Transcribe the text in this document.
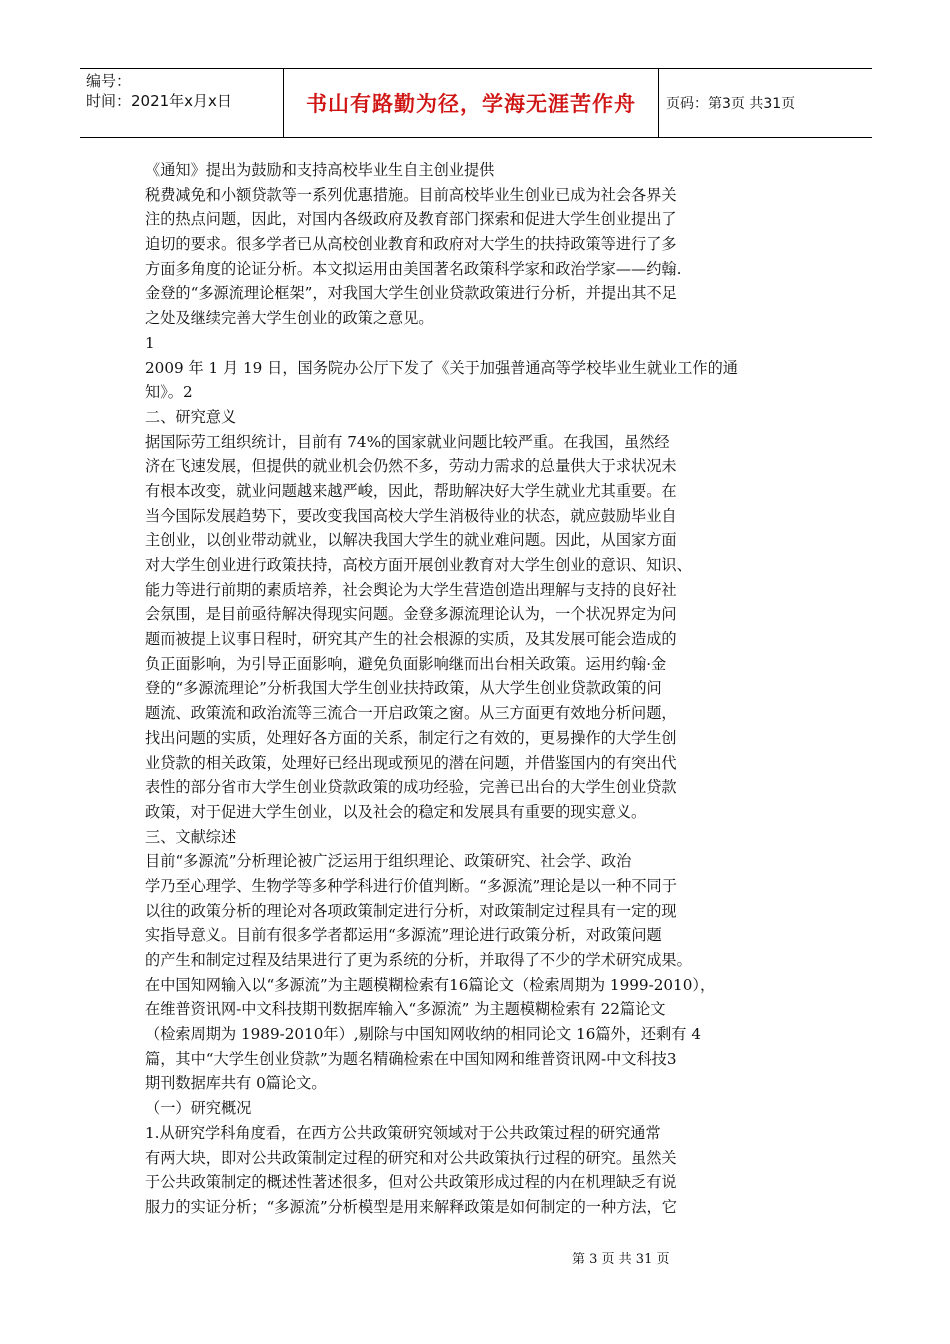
编号：
时间：2021年x月x日	书山有路勤为径，学海无涯苦作舟	页码：第3页 共31页
《通知》提出为鼓励和支持高校毕业生自主创业提供
税费减免和小额贷款等一系列优惠措施。目前高校毕业生创业已成为社会各界关
注的热点问题，因此，对国内各级政府及教育部门探索和促进大学生创业提出了
迫切的要求。很多学者已从高校创业教育和政府对大学生的扶持政策等进行了多
方面多角度的论证分析。本文拟运用由美国著名政策科学家和政治学家——约翰.
金登的“多源流理论框架”，对我国大学生创业贷款政策进行分析，并提出其不足
之处及继续完善大学生创业的政策之意见。
1
2009 年 1 月 19 日，国务院办公厅下发了《关于加强普通高等学校毕业生就业工作的通
知》。2
二、研究意义
据国际劳工组织统计，目前有 74%的国家就业问题比较严重。在我国，虽然经
济在飞速发展，但提供的就业机会仍然不多，劳动力需求的总量供大于求状况未
有根本改变，就业问题越来越严峻，因此，帮助解决好大学生就业尤其重要。在
当今国际发展趋势下，要改变我国高校大学生消极待业的状态，就应鼓励毕业自
主创业，以创业带动就业，以解决我国大学生的就业难问题。因此，从国家方面
对大学生创业进行政策扶持，高校方面开展创业教育对大学生创业的意识、知识、
能力等进行前期的素质培养，社会舆论为大学生营造创造出理解与支持的良好社
会氛围，是目前亟待解决得现实问题。金登多源流理论认为，一个状况界定为问
题而被提上议事日程时，研究其产生的社会根源的实质，及其发展可能会造成的
负正面影响，为引导正面影响，避免负面影响继而出台相关政策。运用约翰·金
登的“多源流理论”分析我国大学生创业扶持政策，从大学生创业贷款政策的问
题流、政策流和政治流等三流合一开启政策之窗。从三方面更有效地分析问题，
找出问题的实质，处理好各方面的关系，制定行之有效的，更易操作的大学生创
业贷款的相关政策，处理好已经出现或预见的潜在问题，并借鉴国内的有突出代
表性的部分省市大学生创业贷款政策的成功经验，完善已出台的大学生创业贷款
政策，对于促进大学生创业，以及社会的稳定和发展具有重要的现实意义。
三、文献综述
目前“多源流”分析理论被广泛运用于组织理论、政策研究、社会学、政治
学乃至心理学、生物学等多种学科进行价值判断。“多源流”理论是以一种不同于
以往的政策分析的理论对各项政策制定进行分析，对政策制定过程具有一定的现
实指导意义。目前有很多学者都运用“多源流”理论进行政策分析，对政策问题
的产生和制定过程及结果进行了更为系统的分析，并取得了不少的学术研究成果。
在中国知网输入以“多源流”为主题模糊检索有16篇论文（检索周期为 1999-2010），
在维普资讯网-中文科技期刊数据库输入“多源流” 为主题模糊检索有 22篇论文
（检索周期为 1989-2010年）,剔除与中国知网收纳的相同论文 16篇外，还剩有 4
篇，其中“大学生创业贷款”为题名精确检索在中国知网和维普资讯网-中文科技3
期刊数据库共有 0篇论文。
（一）研究概况
1.从研究学科角度看，在西方公共政策研究领域对于公共政策过程的研究通常
有两大块，即对公共政策制定过程的研究和对公共政策执行过程的研究。虽然关
于公共政策制定的概述性著述很多，但对公共政策形成过程的内在机理缺乏有说
服力的实证分析；“多源流”分析模型是用来解释政策是如何制定的一种方法，它
第 3 页 共 31 页
